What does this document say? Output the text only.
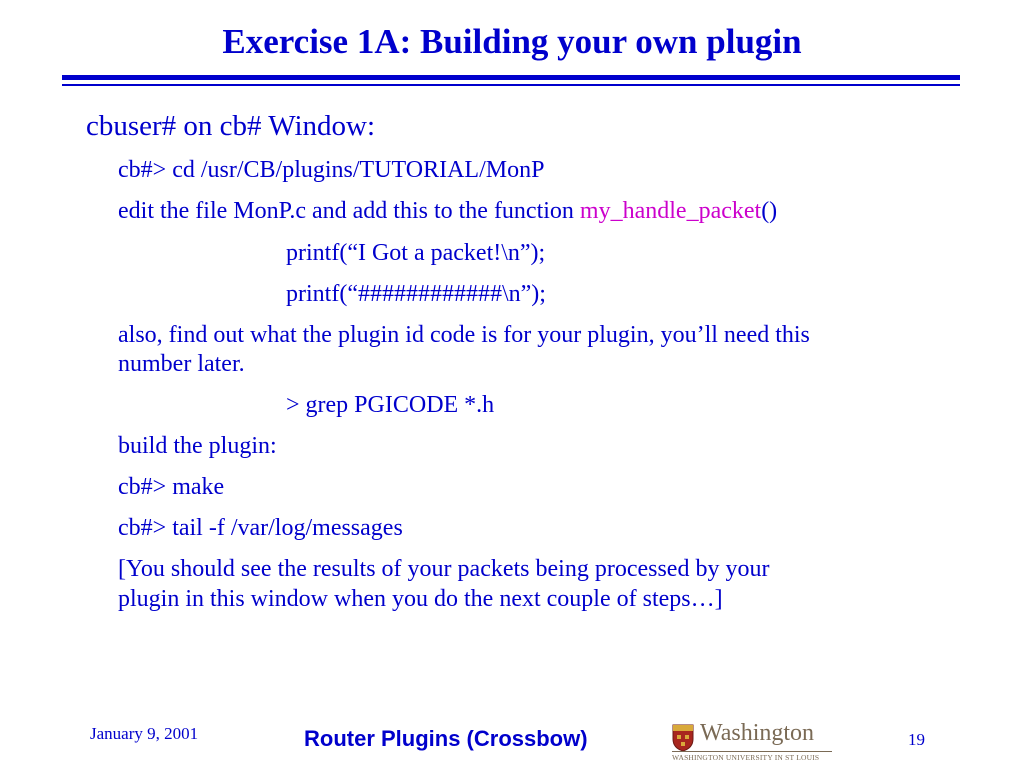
Exercise 1A: Building your own plugin
cbuser# on cb# Window:
cb#> cd /usr/CB/plugins/TUTORIAL/MonP
edit the file MonP.c and add this to the function my_handle_packet()
printf(“I Got a packet!\n”);
printf(“############\n”);
also, find out what the plugin id code is for your plugin, you’ll need this
number later.
> grep PGICODE *.h
build the plugin:
cb#> make
cb#> tail -f /var/log/messages
[You should see the results of your packets being processed by your
plugin in this window when you do the next couple of steps…]
January 9, 2001	Router Plugins (Crossbow)	Washington
WASHINGTON UNIVERSITY IN ST LOUIS
19
